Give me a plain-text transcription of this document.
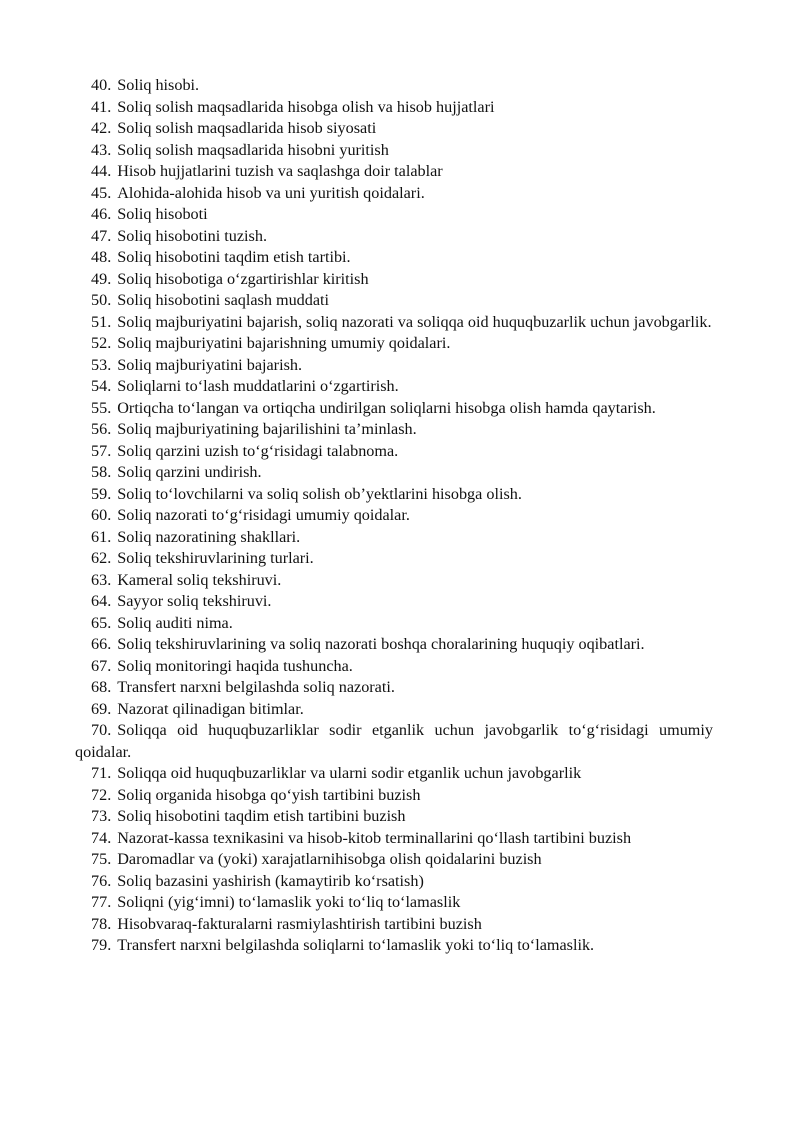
40. Soliq hisobi.

41. Soliq solish maqsadlarida hisobga olish va hisob hujjatlari

42. Soliq solish maqsadlarida hisob siyosati

43. Soliq solish maqsadlarida hisobni yuritish

44. Hisob hujjatlarini tuzish va saqlashga doir talablar

45. Alohida-alohida hisob va uni yuritish qoidalari.

46. Soliq hisoboti

47. Soliq hisobotini tuzish.

48. Soliq hisobotini taqdim etish tartibi.

49. Soliq hisobotiga o‘zgartirishlar kiritish

50. Soliq hisobotini saqlash muddati

51. Soliq majburiyatini bajarish, soliq nazorati va soliqqa oid huquqbuzarlik uchun javobgarlik.

52. Soliq majburiyatini bajarishning umumiy qoidalari.

53. Soliq majburiyatini bajarish.

54. Soliqlarni to‘lash muddatlarini o‘zgartirish.

55. Ortiqcha to‘langan va ortiqcha undirilgan soliqlarni hisobga olish hamda qaytarish.

56. Soliq majburiyatining bajarilishini ta’minlash.

57. Soliq qarzini uzish to‘g‘risidagi talabnoma.

58. Soliq qarzini undirish.

59. Soliq to‘lovchilarni va soliq solish ob’yektlarini hisobga olish.

60. Soliq nazorati to‘g‘risidagi umumiy qoidalar.

61. Soliq nazoratining shakllari.

62. Soliq tekshiruvlarining turlari.

63. Kameral soliq tekshiruvi.

64. Sayyor soliq tekshiruvi.

65. Soliq auditi nima.

66. Soliq tekshiruvlarining va soliq nazorati boshqa choralarining huquqiy oqibatlari.

67. Soliq monitoringi haqida tushuncha.

68. Transfert narxni belgilashda soliq nazorati.

69. Nazorat qilinadigan bitimlar.

70. Soliqqa oid huquqbuzarliklar sodir etganlik uchun javobgarlik to‘g‘risidagi umumiy qoidalar.

71. Soliqqa oid huquqbuzarliklar va ularni sodir etganlik uchun javobgarlik

72. Soliq organida hisobga qo‘yish tartibini buzish

73. Soliq hisobotini taqdim etish tartibini buzish

74. Nazorat-kassa texnikasini va hisob-kitob terminallarini qo‘llash tartibini buzish

75. Daromadlar va (yoki) xarajatlarnihisobga olish qoidalarini buzish

76. Soliq bazasini yashirish (kamaytirib ko‘rsatish)

77. Soliqni (yig‘imni) to‘lamaslik yoki to‘liq to‘lamaslik

78. Hisobvaraq-fakturalarni rasmiylashtirish tartibini buzish

79. Transfert narxni belgilashda soliqlarni to‘lamaslik yoki to‘liq to‘lamaslik.
